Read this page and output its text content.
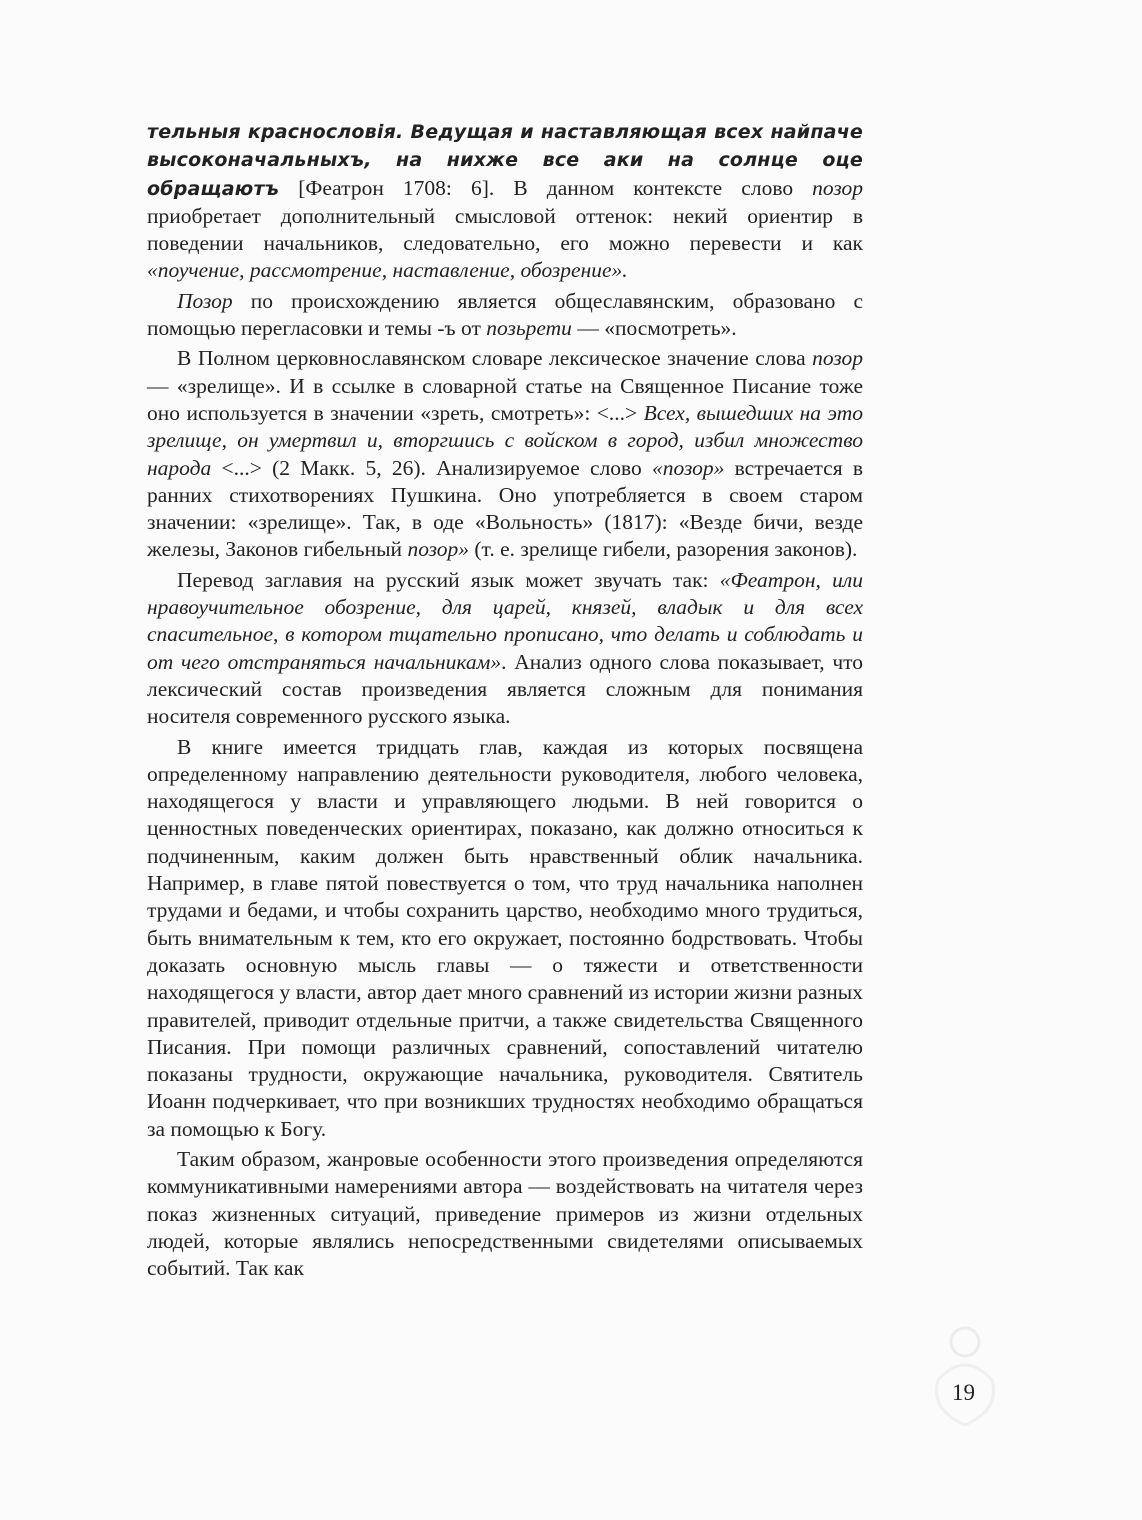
тельныя краснословія. Ведущая и наставляющая всех найпаче высоконачальныхъ, на нихже все аки на солнце оце обращаютъ [Феатрон 1708: 6]. В данном контексте слово позор приобретает дополнительный смысловой оттенок: некий ориентир в поведении начальников, следовательно, его можно перевести и как «поучение, рассмотрение, наставление, обозрение».

Позор по происхождению является общеславянским, образовано с помощью перегласовки и темы -ъ от позьрети — «посмотреть».

В Полном церковнославянском словаре лексическое значение слова позор — «зрелище». И в ссылке в словарной статье на Священное Писание тоже оно используется в значении «зреть, смотреть»: <...> Всех, вышедших на это зрелище, он умертвил и, вторгшись с войском в город, избил множество народа <...> (2 Макк. 5, 26). Анализируемое слово «позор» встречается в ранних стихотворениях Пушкина. Оно употребляется в своем старом значении: «зрелище». Так, в оде «Вольность» (1817): «Везде бичи, везде железы, Законов гибельный позор» (т. е. зрелище гибели, разорения законов).

Перевод заглавия на русский язык может звучать так: «Феатрон, или нравоучительное обозрение, для царей, князей, владык и для всех спасительное, в котором тщательно прописано, что делать и соблюдать и от чего отстраняться начальникам». Анализ одного слова показывает, что лексический состав произведения является сложным для понимания носителя современного русского языка.

В книге имеется тридцать глав, каждая из которых посвящена определенному направлению деятельности руководителя, любого человека, находящегося у власти и управляющего людьми. В ней говорится о ценностных поведенческих ориентирах, показано, как должно относиться к подчиненным, каким должен быть нравственный облик начальника. Например, в главе пятой повествуется о том, что труд начальника наполнен трудами и бедами, и чтобы сохранить царство, необходимо много трудиться, быть внимательным к тем, кто его окружает, постоянно бодрствовать. Чтобы доказать основную мысль главы — о тяжести и ответственности находящегося у власти, автор дает много сравнений из истории жизни разных правителей, приводит отдельные притчи, а также свидетельства Священного Писания. При помощи различных сравнений, сопоставлений читателю показаны трудности, окружающие начальника, руководителя. Святитель Иоанн подчеркивает, что при возникших трудностях необходимо обращаться за помощью к Богу.

Таким образом, жанровые особенности этого произведения определяются коммуникативными намерениями автора — воздействовать на читателя через показ жизненных ситуаций, приведение примеров из жизни отдельных людей, которые являлись непосредственными свидетелями описываемых событий. Так как

19
